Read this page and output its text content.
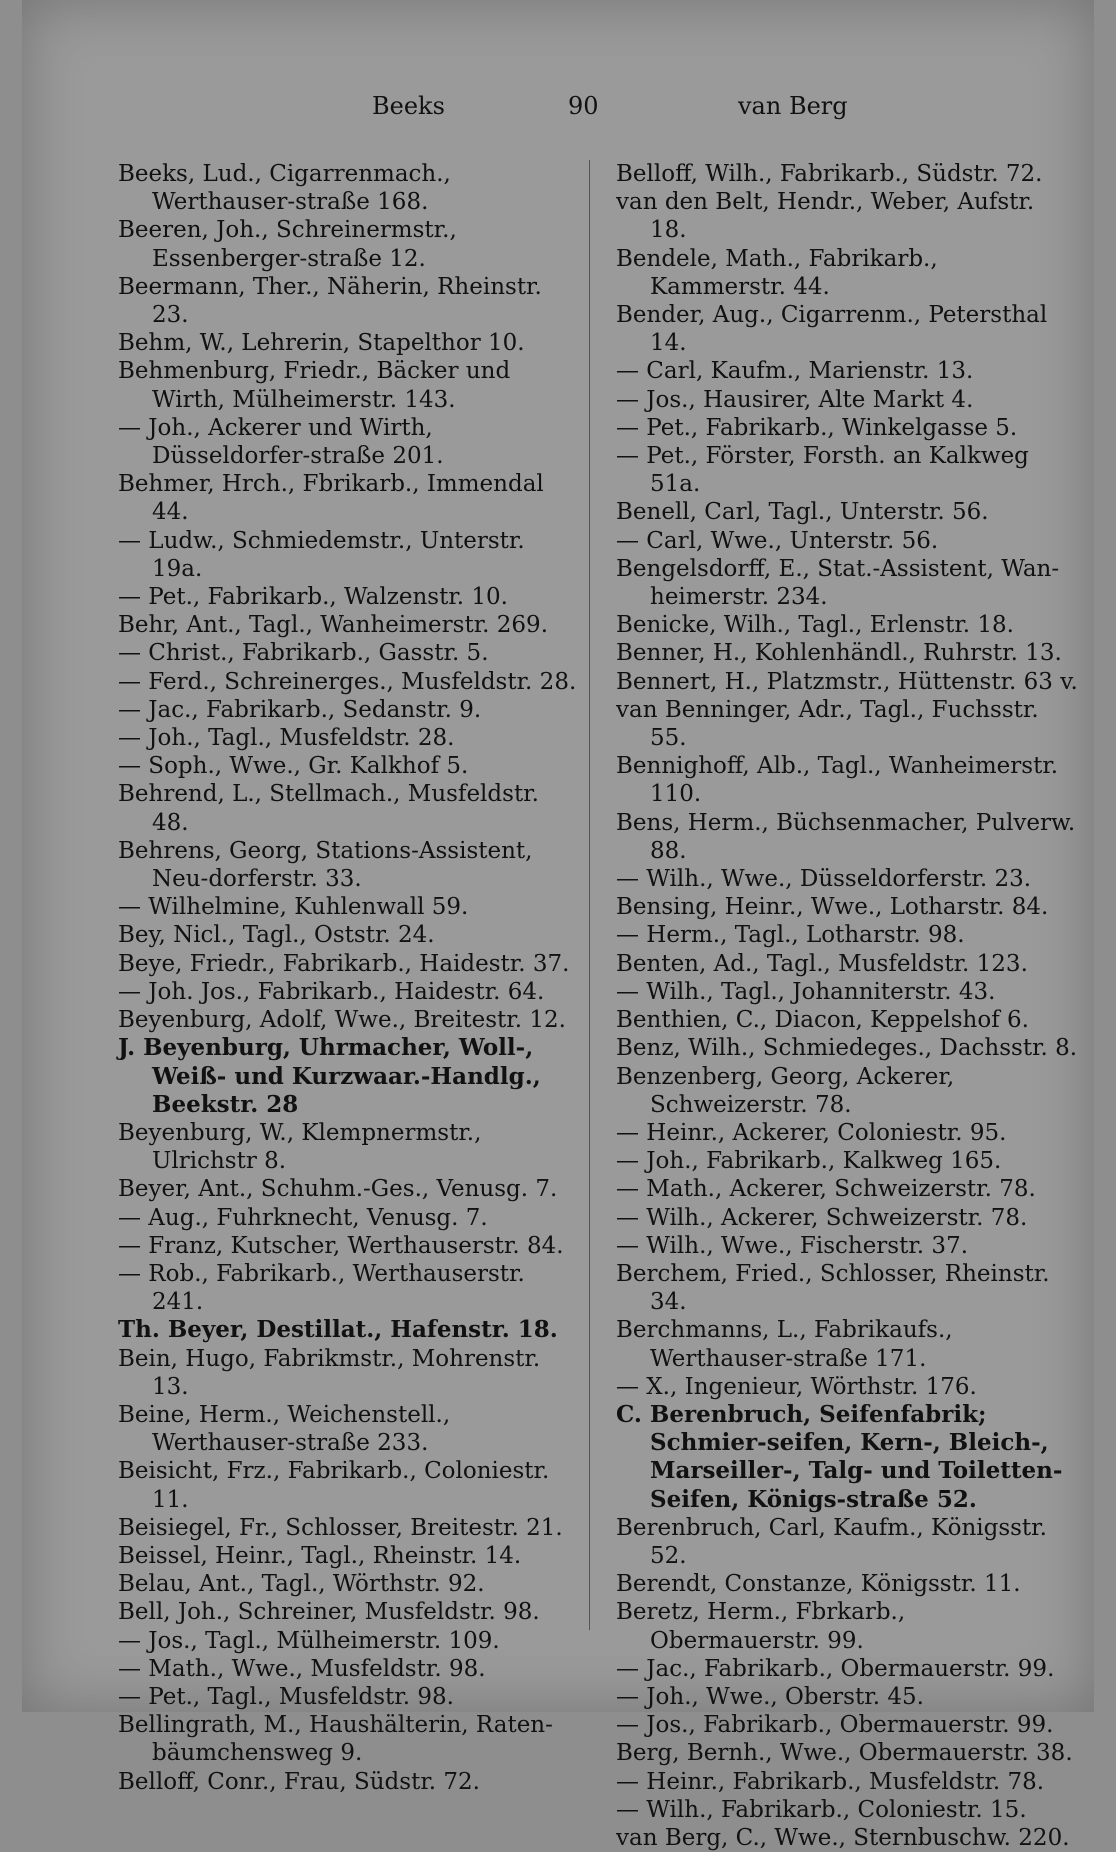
Beeks	90	van Berg
Beeks, Lud., Cigarrenmach., Werthauser-straße 168.
Beeren, Joh., Schreinermstr., Essenberger-straße 12.
Beermann, Ther., Näherin, Rheinstr. 23.
Behm, W., Lehrerin, Stapelthor 10.
Behmenburg, Friedr., Bäcker und Wirth, Mülheimerstr. 143.
— Joh., Ackerer und Wirth, Düsseldorfer-straße 201.
Behmer, Hrch., Fbrikarb., Immendal 44.
— Ludw., Schmiedemstr., Unterstr. 19a.
— Pet., Fabrikarb., Walzenstr. 10.
Behr, Ant., Tagl., Wanheimerstr. 269.
— Christ., Fabrikarb., Gasstr. 5.
— Ferd., Schreinerges., Musfeldstr. 28.
— Jac., Fabrikarb., Sedanstr. 9.
— Joh., Tagl., Musfeldstr. 28.
— Soph., Wwe., Gr. Kalkhof 5.
Behrend, L., Stellmach., Musfeldstr. 48.
Behrens, Georg, Stations-Assistent, Neu-dorferstr. 33.
— Wilhelmine, Kuhlenwall 59.
Bey, Nicl., Tagl., Oststr. 24.
Beye, Friedr., Fabrikarb., Haidestr. 37.
— Joh. Jos., Fabrikarb., Haidestr. 64.
Beyenburg, Adolf, Wwe., Breitestr. 12.
J. Beyenburg, Uhrmacher, Woll-, Weiß- und Kurzwaar.-Handlg., Beekstr. 28
Beyenburg, W., Klempnermstr., Ulrichstr 8.
Beyer, Ant., Schuhm.-Ges., Venusg. 7.
— Aug., Fuhrknecht, Venusg. 7.
— Franz, Kutscher, Werthauserstr. 84.
— Rob., Fabrikarb., Werthauserstr. 241.
Th. Beyer, Destillat., Hafenstr. 18.
Bein, Hugo, Fabrikmstr., Mohrenstr. 13.
Beine, Herm., Weichenstell., Werthauser-straße 233.
Beisicht, Frz., Fabrikarb., Coloniestr. 11.
Beisiegel, Fr., Schlosser, Breitestr. 21.
Beissel, Heinr., Tagl., Rheinstr. 14.
Belau, Ant., Tagl., Wörthstr. 92.
Bell, Joh., Schreiner, Musfeldstr. 98.
— Jos., Tagl., Mülheimerstr. 109.
— Math., Wwe., Musfeldstr. 98.
— Pet., Tagl., Musfeldstr. 98.
Bellingrath, M., Haushälterin, Raten-bäumchensweg 9.
Belloff, Conr., Frau, Südstr. 72.
Belloff, Wilh., Fabrikarb., Südstr. 72.
van den Belt, Hendr., Weber, Aufstr. 18.
Bendele, Math., Fabrikarb., Kammerstr. 44.
Bender, Aug., Cigarrenm., Petersthal 14.
— Carl, Kaufm., Marienstr. 13.
— Jos., Hausirer, Alte Markt 4.
— Pet., Fabrikarb., Winkelgasse 5.
— Pet., Förster, Forsth. an Kalkweg 51a.
Benell, Carl, Tagl., Unterstr. 56.
— Carl, Wwe., Unterstr. 56.
Bengelsdorff, E., Stat.-Assistent, Wan-heimerstr. 234.
Benicke, Wilh., Tagl., Erlenstr. 18.
Benner, H., Kohlenhändl., Ruhrstr. 13.
Bennert, H., Platzmstr., Hüttenstr. 63 v.
van Benninger, Adr., Tagl., Fuchsstr. 55.
Bennighoff, Alb., Tagl., Wanheimerstr. 110.
Bens, Herm., Büchsenmacher, Pulverw. 88.
— Wilh., Wwe., Düsseldorferstr. 23.
Bensing, Heinr., Wwe., Lotharstr. 84.
— Herm., Tagl., Lotharstr. 98.
Benten, Ad., Tagl., Musfeldstr. 123.
— Wilh., Tagl., Johanniterstr. 43.
Benthien, C., Diacon, Keppelshof 6.
Benz, Wilh., Schmiedeges., Dachsstr. 8.
Benzenberg, Georg, Ackerer, Schweizerstr. 78.
— Heinr., Ackerer, Coloniestr. 95.
— Joh., Fabrikarb., Kalkweg 165.
— Math., Ackerer, Schweizerstr. 78.
— Wilh., Ackerer, Schweizerstr. 78.
— Wilh., Wwe., Fischerstr. 37.
Berchem, Fried., Schlosser, Rheinstr. 34.
Berchmanns, L., Fabrikaufs., Werthauser-straße 171.
— X., Ingenieur, Wörthstr. 176.
C. Berenbruch, Seifenfabrik; Schmier-seifen, Kern-, Bleich-, Marseiller-, Talg- und Toiletten-Seifen, Königs-straße 52.
Berenbruch, Carl, Kaufm., Königsstr. 52.
Berendt, Constanze, Königsstr. 11.
Beretz, Herm., Fbrkarb., Obermauerstr. 99.
— Jac., Fabrikarb., Obermauerstr. 99.
— Joh., Wwe., Oberstr. 45.
— Jos., Fabrikarb., Obermauerstr. 99.
Berg, Bernh., Wwe., Obermauerstr. 38.
— Heinr., Fabrikarb., Musfeldstr. 78.
— Wilh., Fabrikarb., Coloniestr. 15.
van Berg, C., Wwe., Sternbuschw. 220.
